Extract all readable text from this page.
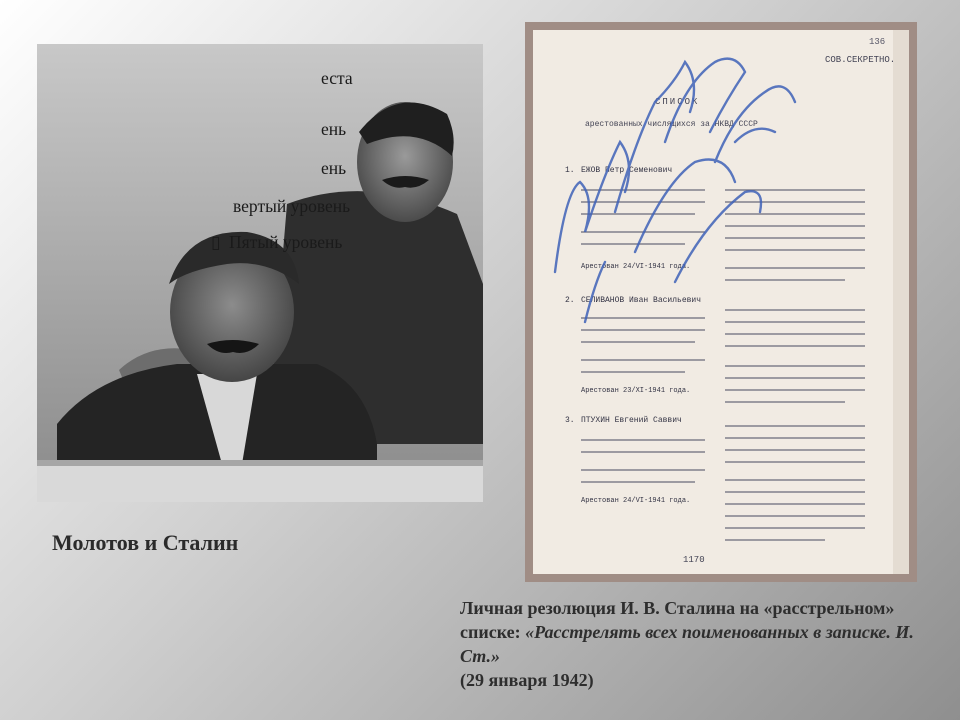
еста
ень
ень
вертый уровень
▯ Пятый уровень
СОВ.СЕКРЕТНО.
136
СПИСОК
арестованных числящихся за НКВД СССР
1. ЕЖОВ Петр Семенович
Арестован 24/VI-1941 года.
2. СЕЛИВАНОВ Иван Васильевич
Арестован 23/XI-1941 года.
3. ПТУХИН Евгений Саввич
Арестован 24/VI-1941 года.
1170
Молотов и Сталин
Личная резолюция И. В. Сталина на «расстрельном» списке: «Расстрелять всех поименованных в записке. И. Ст.»
(29 января 1942)
